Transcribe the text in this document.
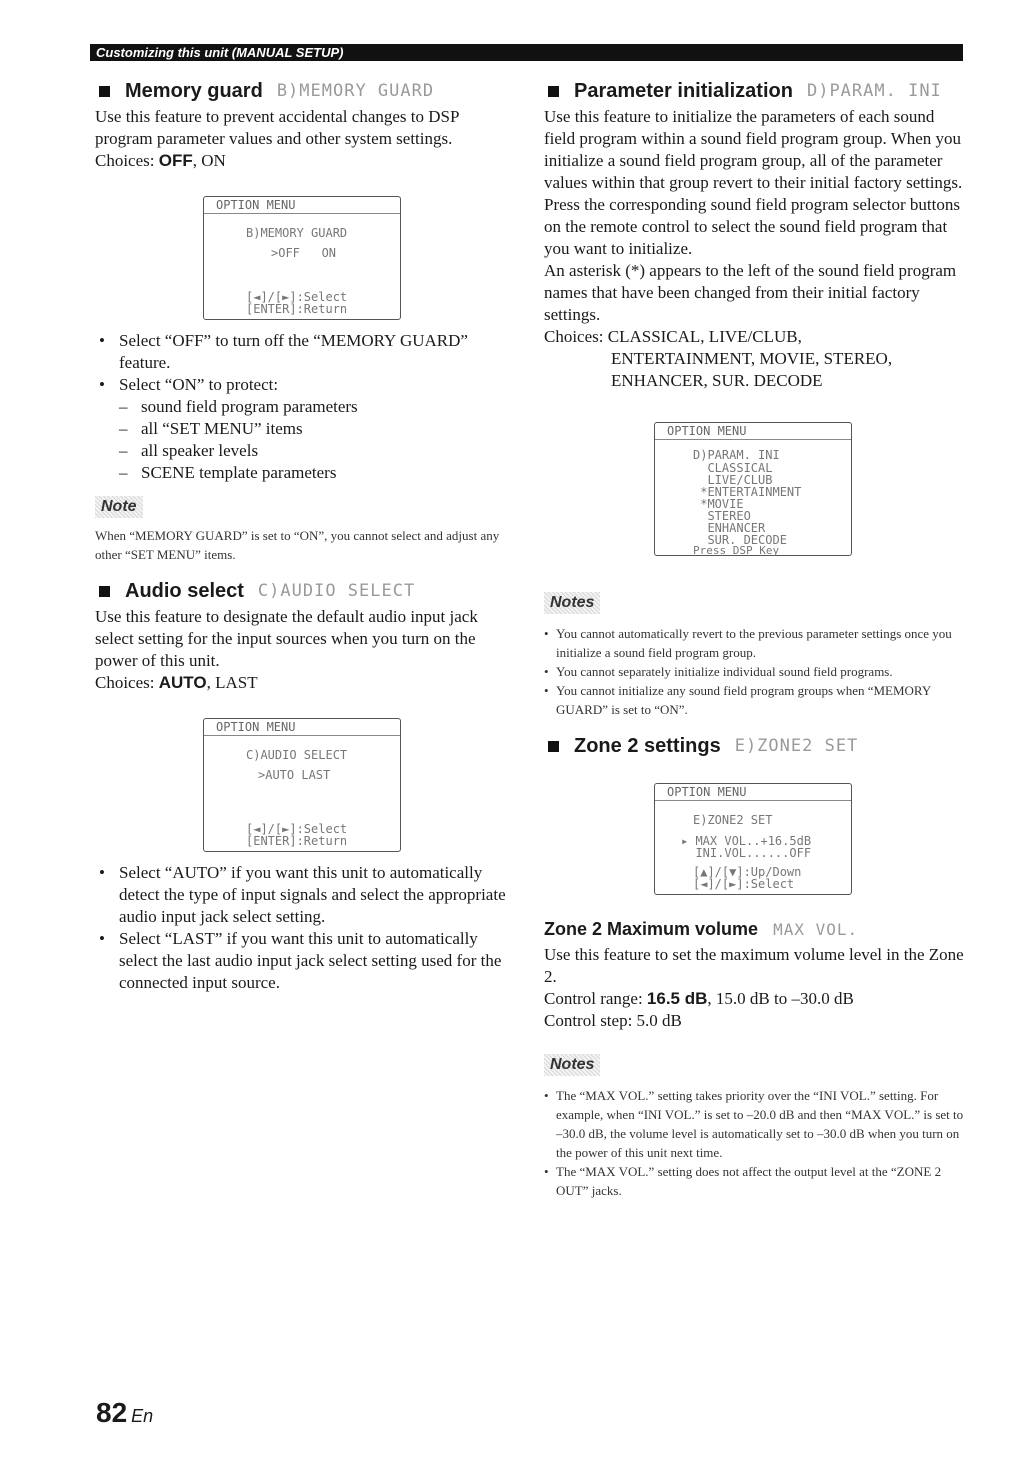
Customizing this unit (MANUAL SETUP)
Memory guard B)MEMORY GUARD

Use this feature to prevent accidental changes to DSP program parameter values and other system settings.

Choices: OFF, ON

OPTION MENU
B)MEMORY GUARD
>OFF   ON
[◄]/[►]:Select
[ENTER]:Return
• Select “OFF” to turn off the “MEMORY GUARD” feature.
• Select “ON” to protect:
– sound field program parameters
– all “SET MENU” items
– all speaker levels
– SCENE template parameters
Note
When “MEMORY GUARD” is set to “ON”, you cannot select and adjust any other “SET MENU” items.
Audio select C)AUDIO SELECT

Use this feature to designate the default audio input jack select setting for the input sources when you turn on the power of this unit.

Choices: AUTO, LAST

OPTION MENU
C)AUDIO SELECT
>AUTO LAST
[◄]/[►]:Select
[ENTER]:Return
• Select “AUTO” if you want this unit to automatically detect the type of input signals and select the appropriate audio input jack select setting.
• Select “LAST” if you want this unit to automatically select the last audio input jack select setting used for the connected input source.
Parameter initialization D)PARAM. INI

Use this feature to initialize the parameters of each sound field program within a sound field program group. When you initialize a sound field program group, all of the parameter values within that group revert to their initial factory settings.

Press the corresponding sound field program selector buttons on the remote control to select the sound field program that you want to initialize.

An asterisk (*) appears to the left of the sound field program names that have been changed from their initial factory settings.

Choices: CLASSICAL, LIVE/CLUB,

ENTERTAINMENT, MOVIE, STEREO,

ENHANCER, SUR. DECODE

OPTION MENU
D)PARAM. INI
CLASSICAL
LIVE/CLUB
*ENTERTAINMENT
*MOVIE
STEREO
ENHANCER
SUR. DECODE
Press DSP Key
Notes
• You cannot automatically revert to the previous parameter settings once you initialize a sound field program group.
• You cannot separately initialize individual sound field programs.
• You cannot initialize any sound field program groups when “MEMORY GUARD” is set to “ON”.
Zone 2 settings E)ZONE2 SET
OPTION MENU
E)ZONE2 SET
▸ MAX VOL..+16.5dB
INI.VOL......OFF
[▲]/[▼]:Up/Down
[◄]/[►]:Select
Zone 2 Maximum volume MAX VOL.

Use this feature to set the maximum volume level in the Zone 2.

Control range: 16.5 dB, 15.0 dB to –30.0 dB

Control step: 5.0 dB

Notes
• The “MAX VOL.” setting takes priority over the “INI VOL.” setting. For example, when “INI VOL.” is set to –20.0 dB and then “MAX VOL.” is set to –30.0 dB, the volume level is automatically set to –30.0 dB when you turn on the power of this unit next time.
• The “MAX VOL.” setting does not affect the output level at the “ZONE 2 OUT” jacks.
82 En
